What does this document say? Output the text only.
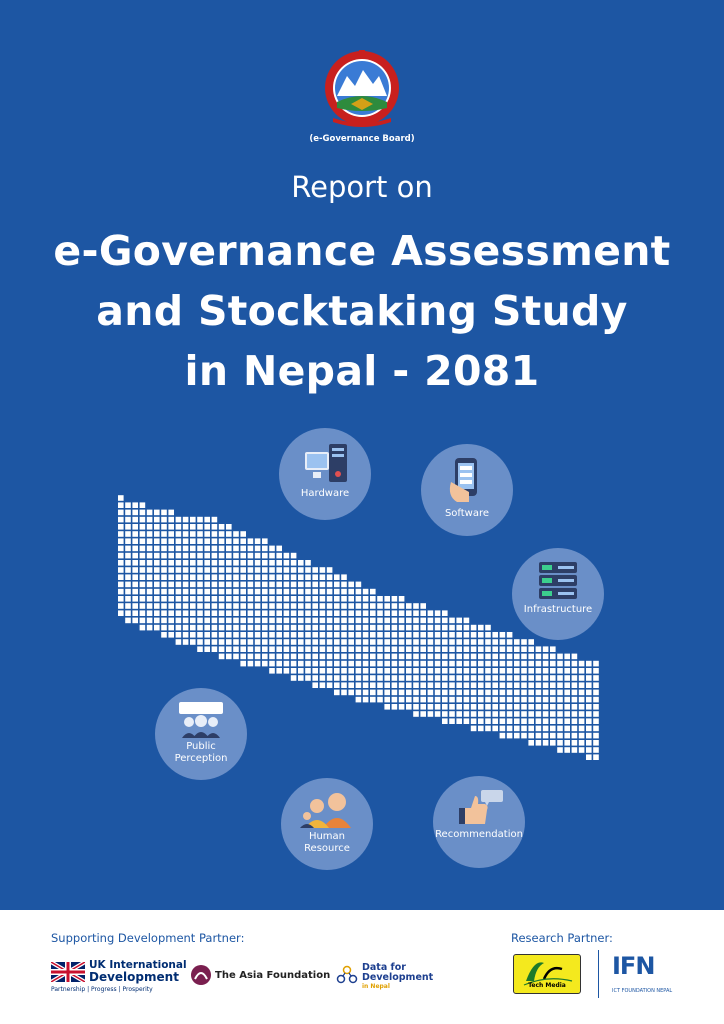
(e-Governance Board)
Report on
e-Governance Assessment
and Stocktaking Study
in Nepal - 2081
Hardware
Software
Infrastructure
Public
Perception
Human
Resource
Recommendation
Supporting Development Partner:	Research Partner:
UK International
Development
Partnership | Progress | Prosperity
The Asia Foundation
Data for
Development
in Nepal	Tech Media
IFN
ICT FOUNDATION NEPAL
